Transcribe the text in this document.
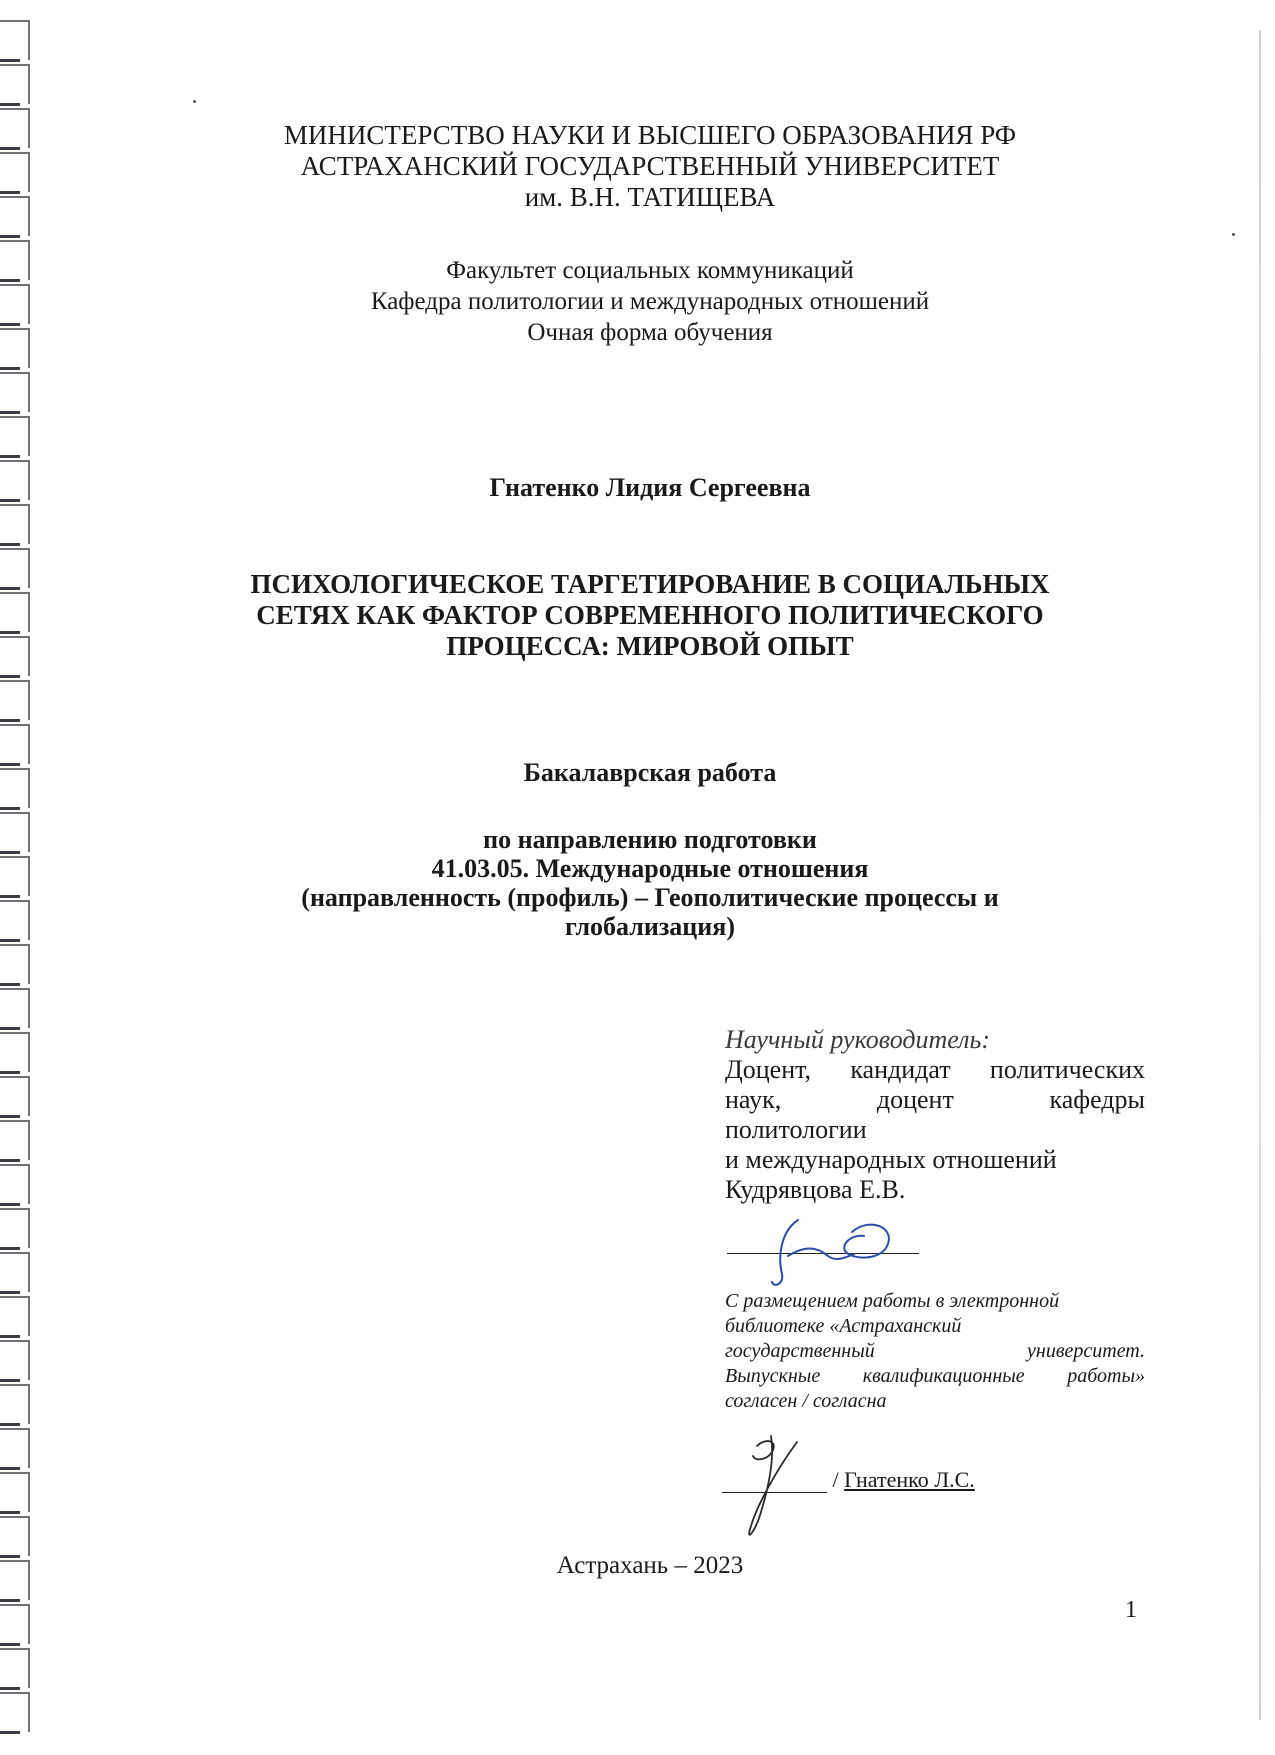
МИНИСТЕРСТВО НАУКИ И ВЫСШЕГО ОБРАЗОВАНИЯ РФ
АСТРАХАНСКИЙ ГОСУДАРСТВЕННЫЙ УНИВЕРСИТЕТ
им. В.Н. ТАТИЩЕВА
Факультет социальных коммуникаций
Кафедра политологии и международных отношений
Очная форма обучения
Гнатенко Лидия Сергеевна
ПСИХОЛОГИЧЕСКОЕ ТАРГЕТИРОВАНИЕ В СОЦИАЛЬНЫХ
СЕТЯХ КАК ФАКТОР СОВРЕМЕННОГО ПОЛИТИЧЕСКОГО
ПРОЦЕССА: МИРОВОЙ ОПЫТ
Бакалаврская работа
по направлению подготовки
41.03.05. Международные отношения
(направленность (профиль) – Геополитические процессы и
глобализация)
Научный руководитель:
Доцент, кандидат политических
наук,	доцент	кафедры
политологии
и международных отношений
Кудрявцова Е.В.
С размещением работы в электронной
библиотеке «Астраханский
государственный	университет.
Выпускные квалификационные работы»
согласен / согласна
/ Гнатенко Л.С.
Астрахань – 2023
1
